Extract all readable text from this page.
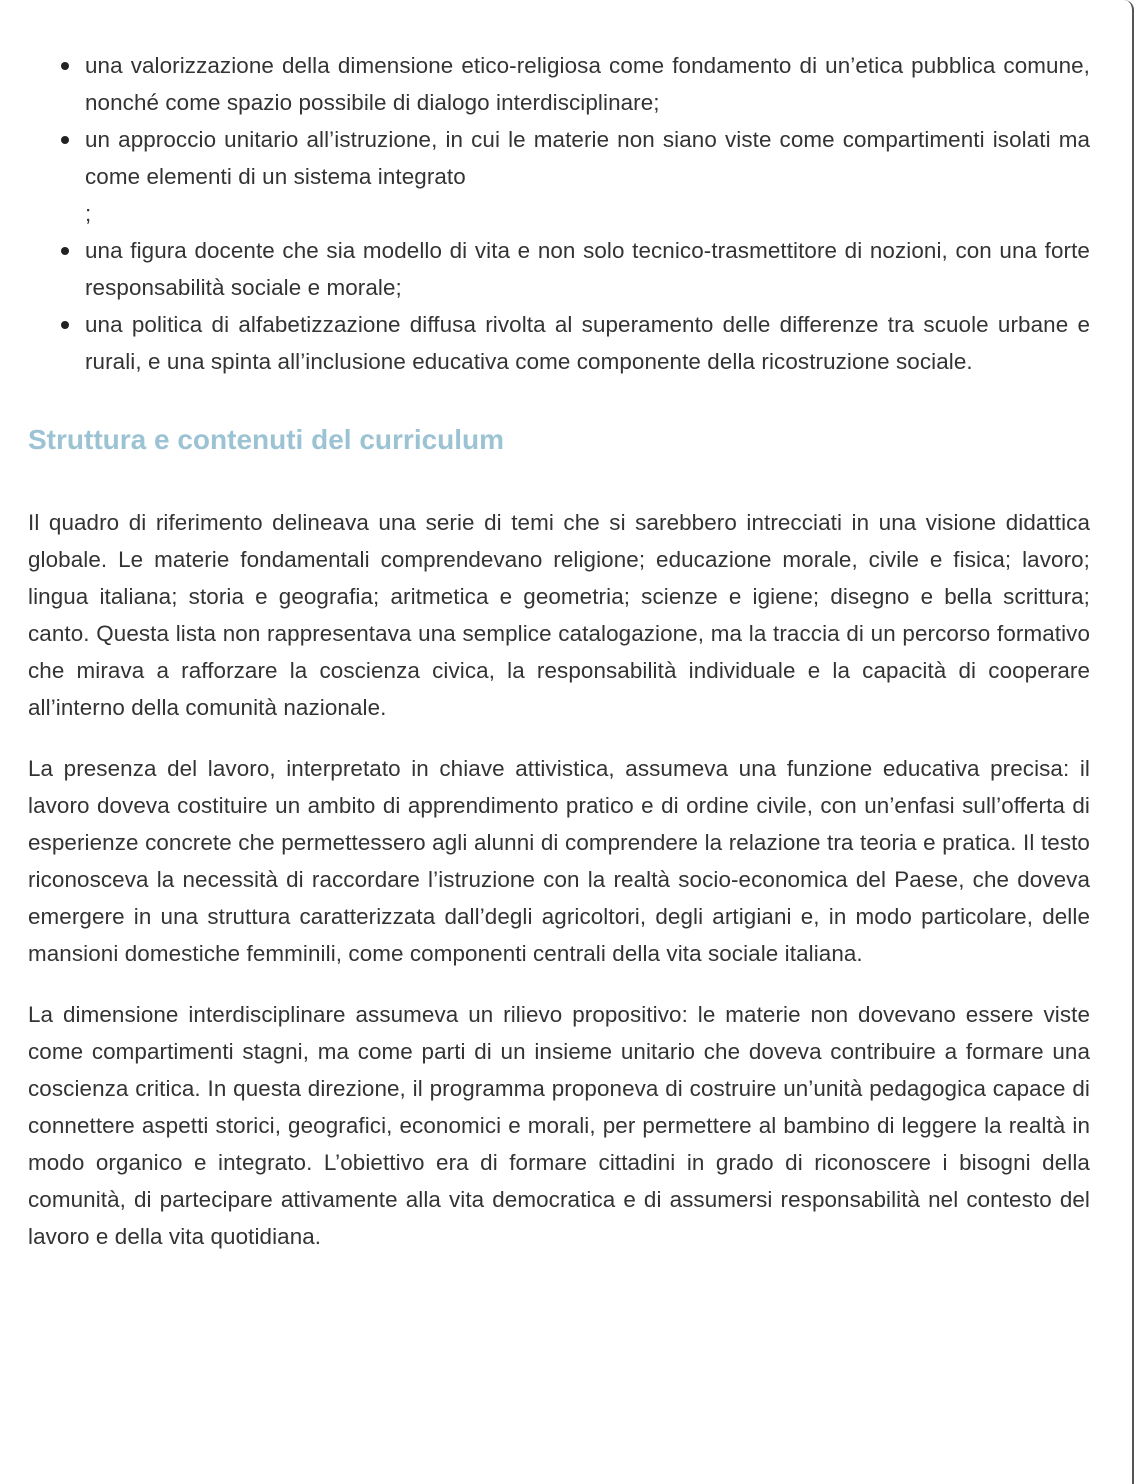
una valorizzazione della dimensione etico-religiosa come fondamento di un’etica pubblica comune, nonché come spazio possibile di dialogo interdisciplinare;
un approccio unitario all’istruzione, in cui le materie non siano viste come compartimenti isolati ma come elementi di un sistema integrato
;
una figura docente che sia modello di vita e non solo tecnico-trasmettitore di nozioni, con una forte responsabilità sociale e morale;
una politica di alfabetizzazione diffusa rivolta al superamento delle differenze tra scuole urbane e rurali, e una spinta all’inclusione educativa come componente della ricostruzione sociale.
Struttura e contenuti del curriculum

Il quadro di riferimento delineava una serie di temi che si sarebbero intrecciati in una visione didattica globale. Le materie fondamentali comprendevano religione; educazione morale, civile e fisica; lavoro; lingua italiana; storia e geografia; aritmetica e geometria; scienze e igiene; disegno e bella scrittura; canto. Questa lista non rappresentava una semplice catalogazione, ma la traccia di un percorso formativo che mirava a rafforzare la coscienza civica, la responsabilità individuale e la capacità di cooperare all’interno della comunità nazionale.

La presenza del lavoro, interpretato in chiave attivistica, assumeva una funzione educativa precisa: il lavoro doveva costituire un ambito di apprendimento pratico e di ordine civile, con un’enfasi sull’offerta di esperienze concrete che permettessero agli alunni di comprendere la relazione tra teoria e pratica. Il testo riconosceva la necessità di raccordare l’istruzione con la realtà socio-economica del Paese, che doveva emergere in una struttura caratterizzata dall’degli agricoltori, degli artigiani e, in modo particolare, delle mansioni domestiche femminili, come componenti centrali della vita sociale italiana.

La dimensione interdisciplinare assumeva un rilievo propositivo: le materie non dovevano essere viste come compartimenti stagni, ma come parti di un insieme unitario che doveva contribuire a formare una coscienza critica. In questa direzione, il programma proponeva di costruire un’unità pedagogica capace di connettere aspetti storici, geografici, economici e morali, per permettere al bambino di leggere la realtà in modo organico e integrato. L’obiettivo era di formare cittadini in grado di riconoscere i bisogni della comunità, di partecipare attivamente alla vita democratica e di assumersi responsabilità nel contesto del lavoro e della vita quotidiana.
